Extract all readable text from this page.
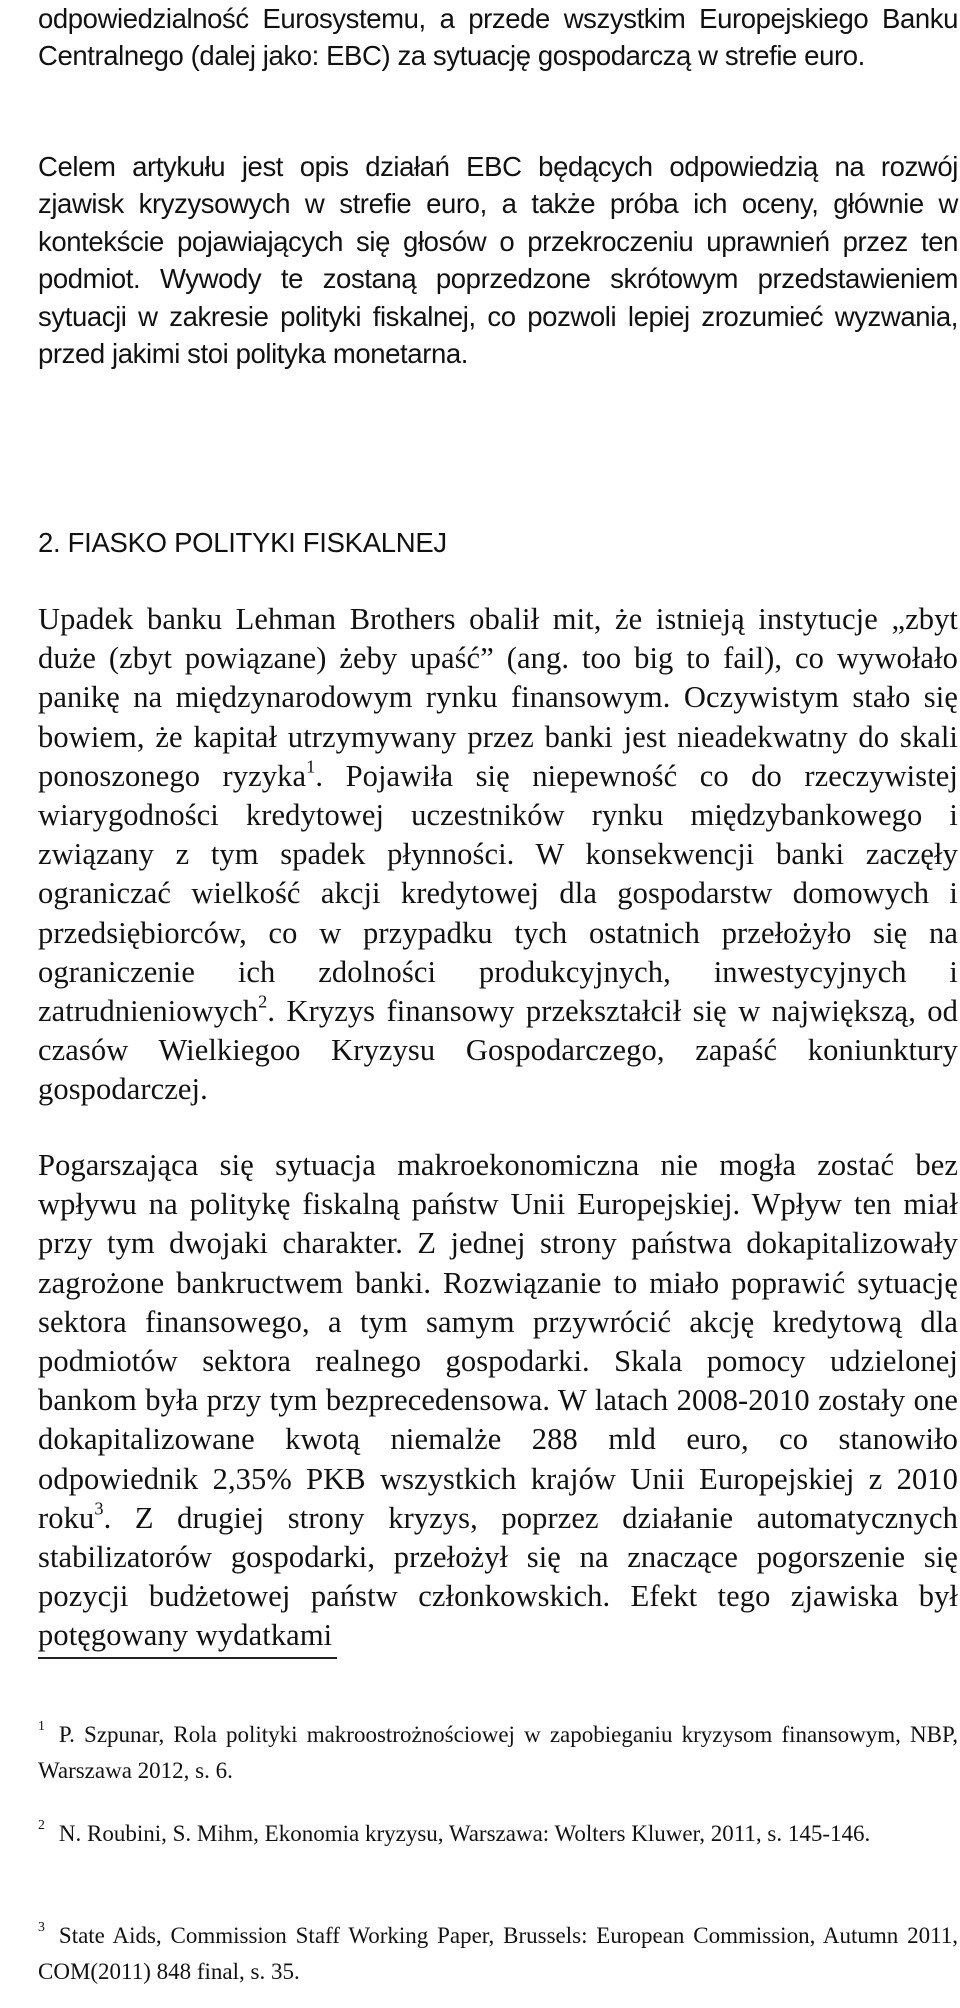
odpowiedzialność Eurosystemu, a przede wszystkim Europejskiego Banku Centralnego (dalej jako: EBC) za sytuację gospodarczą w strefie euro.

Celem artykułu jest opis działań EBC będących odpowiedzią na rozwój zjawisk kryzysowych w strefie euro, a także próba ich oceny, głównie w kontekście pojawiających się głosów o przekroczeniu uprawnień przez ten podmiot. Wywody te zostaną poprzedzone skrótowym przedstawieniem sytuacji w zakresie polityki fiskalnej, co pozwoli lepiej zrozumieć wyzwania, przed jakimi stoi polityka monetarna.

2. FIASKO POLITYKI FISKALNEJ

Upadek banku Lehman Brothers obalił mit, że istnieją instytucje „zbyt duże (zbyt powiązane) żeby upaść” (ang. too big to fail), co wywołało panikę na międzynarodowym rynku finansowym. Oczywistym stało się bowiem, że kapitał utrzymywany przez banki jest nieadekwatny do skali ponoszonego ryzyka$^1$. Pojawiła się niepewność co do rzeczywistej wiarygodności kredytowej uczestników rynku międzybankowego i związany z tym spadek płynności. W konsekwencji banki zaczęły ograniczać wielkość akcji kredytowej dla gospodarstw domowych i przedsiębiorców, co w przypadku tych ostatnich przełożyło się na ograniczenie ich zdolności produkcyjnych, inwestycyjnych i zatrudnieniowych$^2$. Kryzys finansowy przekształcił się w największą, od czasów Wielkiegoo Kryzysu Gospodarczego, zapaść koniunktury gospodarczej.

Pogarszająca się sytuacja makroekonomiczna nie mogła zostać bez wpływu na politykę fiskalną państw Unii Europejskiej. Wpływ ten miał przy tym dwojaki charakter. Z jednej strony państwa dokapitalizowały zagrożone bankructwem banki. Rozwiązanie to miało poprawić sytuację sektora finansowego, a tym samym przywrócić akcję kredytową dla podmiotów sektora realnego gospodarki. Skala pomocy udzielonej bankom była przy tym bezprecedensowa. W latach 2008-2010 zostały one dokapitalizowane kwotą niemalże 288 mld euro, co stanowiło odpowiednik 2,35% PKB wszystkich krajów Unii Europejskiej z 2010 roku$^3$. Z drugiej strony kryzys, poprzez działanie automatycznych stabilizatorów gospodarki, przełożył się na znaczące pogorszenie się pozycji budżetowej państw członkowskich. Efekt tego zjawiska był potęgowany wydatkami

$^1$ P. Szpunar, Rola polityki makroostrożnościowej w zapobieganiu kryzysom finansowym, NBP, Warszawa 2012, s. 6.

$^2$ N. Roubini, S. Mihm, Ekonomia kryzysu, Warszawa: Wolters Kluwer, 2011, s. 145-146.

$^3$ State Aids, Commission Staff Working Paper, Brussels: European Commission, Autumn 2011, COM(2011) 848 final, s. 35.
